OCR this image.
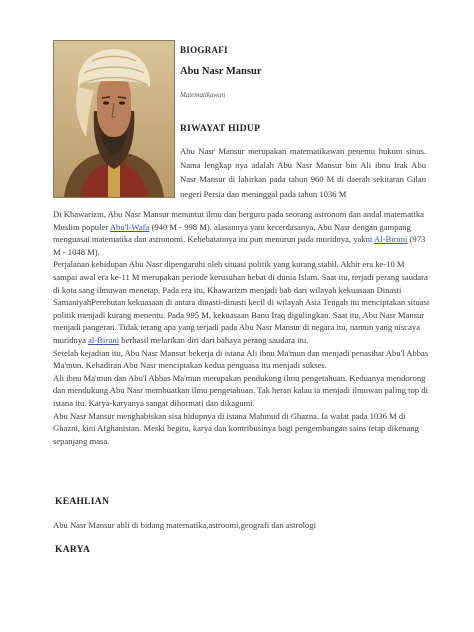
BIOGRAFI
Abu Nasr Mansur
Matematikawan
RIWAYAT HIDUP
Abu Nasr Mansur merupakan matematikawan penemu hukum sinus. Nama lengkap nya adalah Abu Nasr Mansur bin Ali ibnu Irak Abu Nasr Mansur di lahirkan pada tahun 960 M di daerah sekitaran Gilan negeri Persia dan meninggal pada tahun 1036 M

Di Khawarizm, Abu Nasr Mansur menuntut ilmu dan berguru pada seorang astronom dan andal matematika Muslim populer Abu'l-Wafa (940 M - 998 M). alasannya yatu kecerdasanya, Abu Nasr dengan gampang menguasai matematika dan astronomi. Kehebatannya itu pun menurun pada muridnya, yakni Al-Biruni (973 M - 1048 M).

Perjalanan kehidupan Abu Nasr dipengaruhi oleh situasi politik yang kurang stabil. Akhir era ke-10 M sampai awal era ke-11 M merupakan periode kerusuhan hebat di dunia Islam. Saat itu, terjadi perang saudara di kota sang ilmuwan menetap. Pada era itu, Khawarizm menjadi bab dari wilayah kekuasaan Dinasti SamaniyahPerebutan kekuasaan di antara dinasti-dinasti kecil di wilayah Asia Tengah itu menciptakan situasi politik menjadi kurang menentu. Pada 995 M, kekuasaan Banu Iraq digulingkan. Saat itu, Abu Nasr Mansur menjadi pangeran. Tidak terang apa yang terjadi pada Abu Nasr Mansur di negara itu, namun yang niscaya muridnya al-Biruni berhasil melarikan diri dari bahaya perang saudara itu.

Setelah kejadian itu, Abu Nasr Mansur bekerja di istana Ali ibnu Ma'mun dan menjadi penasihat Abu'l Abbas Ma'mun. Kehadiran Abu Nasr menciptakan kedua penguasa itu menjadi sukses.

Ali ibnu Ma'mun dan Abu'l Abbas Ma'mun merupakan pendukung ilmu pengetahuan. Keduanya mendorong dan mendukung Abu Nasr membuatkan ilmu pengetahuan. Tak heran kalau ia menjadi ilmuwan paling top di istana itu. Karya-karyanya sangat dihormati dan dikagumi.

Abu Nasr Mansur menghabiskan sisa hidupnya di istana Mahmud di Ghazna. Ia wafat pada 1036 M di Ghazni, kini Afghanistan. Meski begitu, karya dan kontribusinya bagi pengembangan sains tetap dikenang sepanjang masa.

KEAHLIAN
Abu Nasr Mansur ahli di bidang matematika,astroomi,geografi dan astrologi
KARYA
